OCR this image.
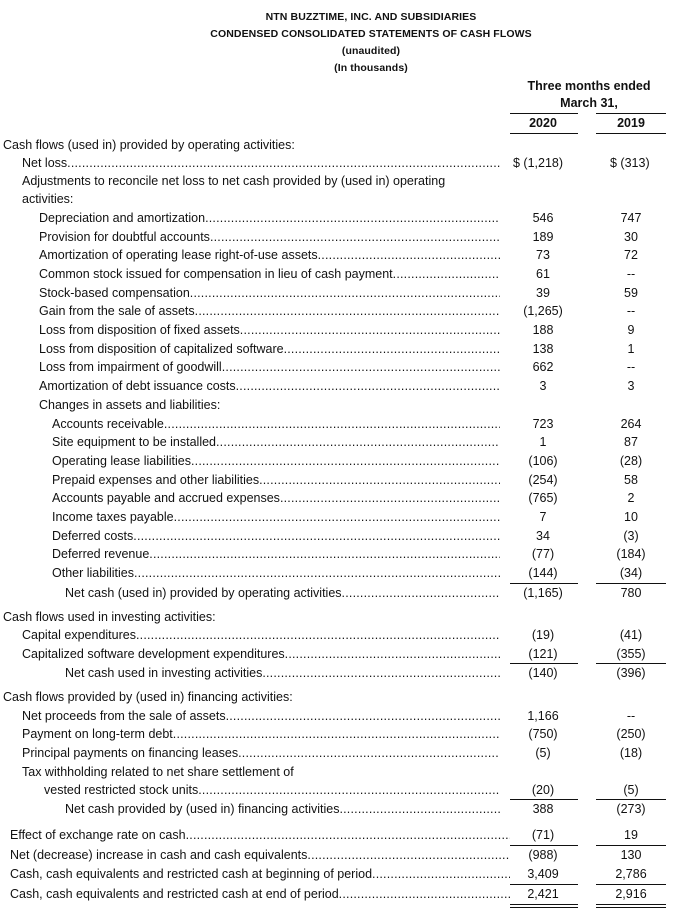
NTN BUZZTIME, INC. AND SUBSIDIARIES
CONDENSED CONSOLIDATED STATEMENTS OF CASH FLOWS
(unaudited)
(In thousands)
Three months ended
March 31,
2020	2019
Cash flows (used in) provided by operating activities:
Net loss .....	$ (1,218)	$ (313)
Adjustments to reconcile net loss to net cash provided by (used in) operating
activities:
Depreciation and amortization .....	546	747
Provision for doubtful accounts .....	189	30
Amortization of operating lease right-of-use assets .....	73	72
Common stock issued for compensation in lieu of cash payment .....	61	--
Stock-based compensation .....	39	59
Gain from the sale of assets .....	(1,265)	--
Loss from disposition of fixed assets .....	188	9
Loss from disposition of capitalized software .....	138	1
Loss from impairment of goodwill .....	662	--
Amortization of debt issuance costs .....	3	3
Changes in assets and liabilities:
Accounts receivable .....	723	264
Site equipment to be installed .....	1	87
Operating lease liabilities .....	(106)	(28)
Prepaid expenses and other liabilities .....	(254)	58
Accounts payable and accrued expenses .....	(765)	2
Income taxes payable .....	7	10
Deferred costs .....	34	(3)
Deferred revenue .....	(77)	(184)
Other liabilities .....	(144)	(34)
Net cash (used in) provided by operating activities .....	(1,165)	780
Cash flows used in investing activities:
Capital expenditures .....	(19)	(41)
Capitalized software development expenditures .....	(121)	(355)
Net cash used in investing activities .....	(140)	(396)
Cash flows provided by (used in) financing activities:
Net proceeds from the sale of assets .....	1,166	--
Payment on long-term debt .....	(750)	(250)
Principal payments on financing leases .....	(5)	(18)
Tax withholding related to net share settlement of
vested restricted stock units .....	(20)	(5)
Net cash provided by (used in) financing activities .....	388	(273)
Effect of exchange rate on cash .....	(71)	19
Net (decrease) increase in cash and cash equivalents .....	(988)	130
Cash, cash equivalents and restricted cash at beginning of period .....	3,409	2,786
Cash, cash equivalents and restricted cash at end of period .....	2,421	2,916
